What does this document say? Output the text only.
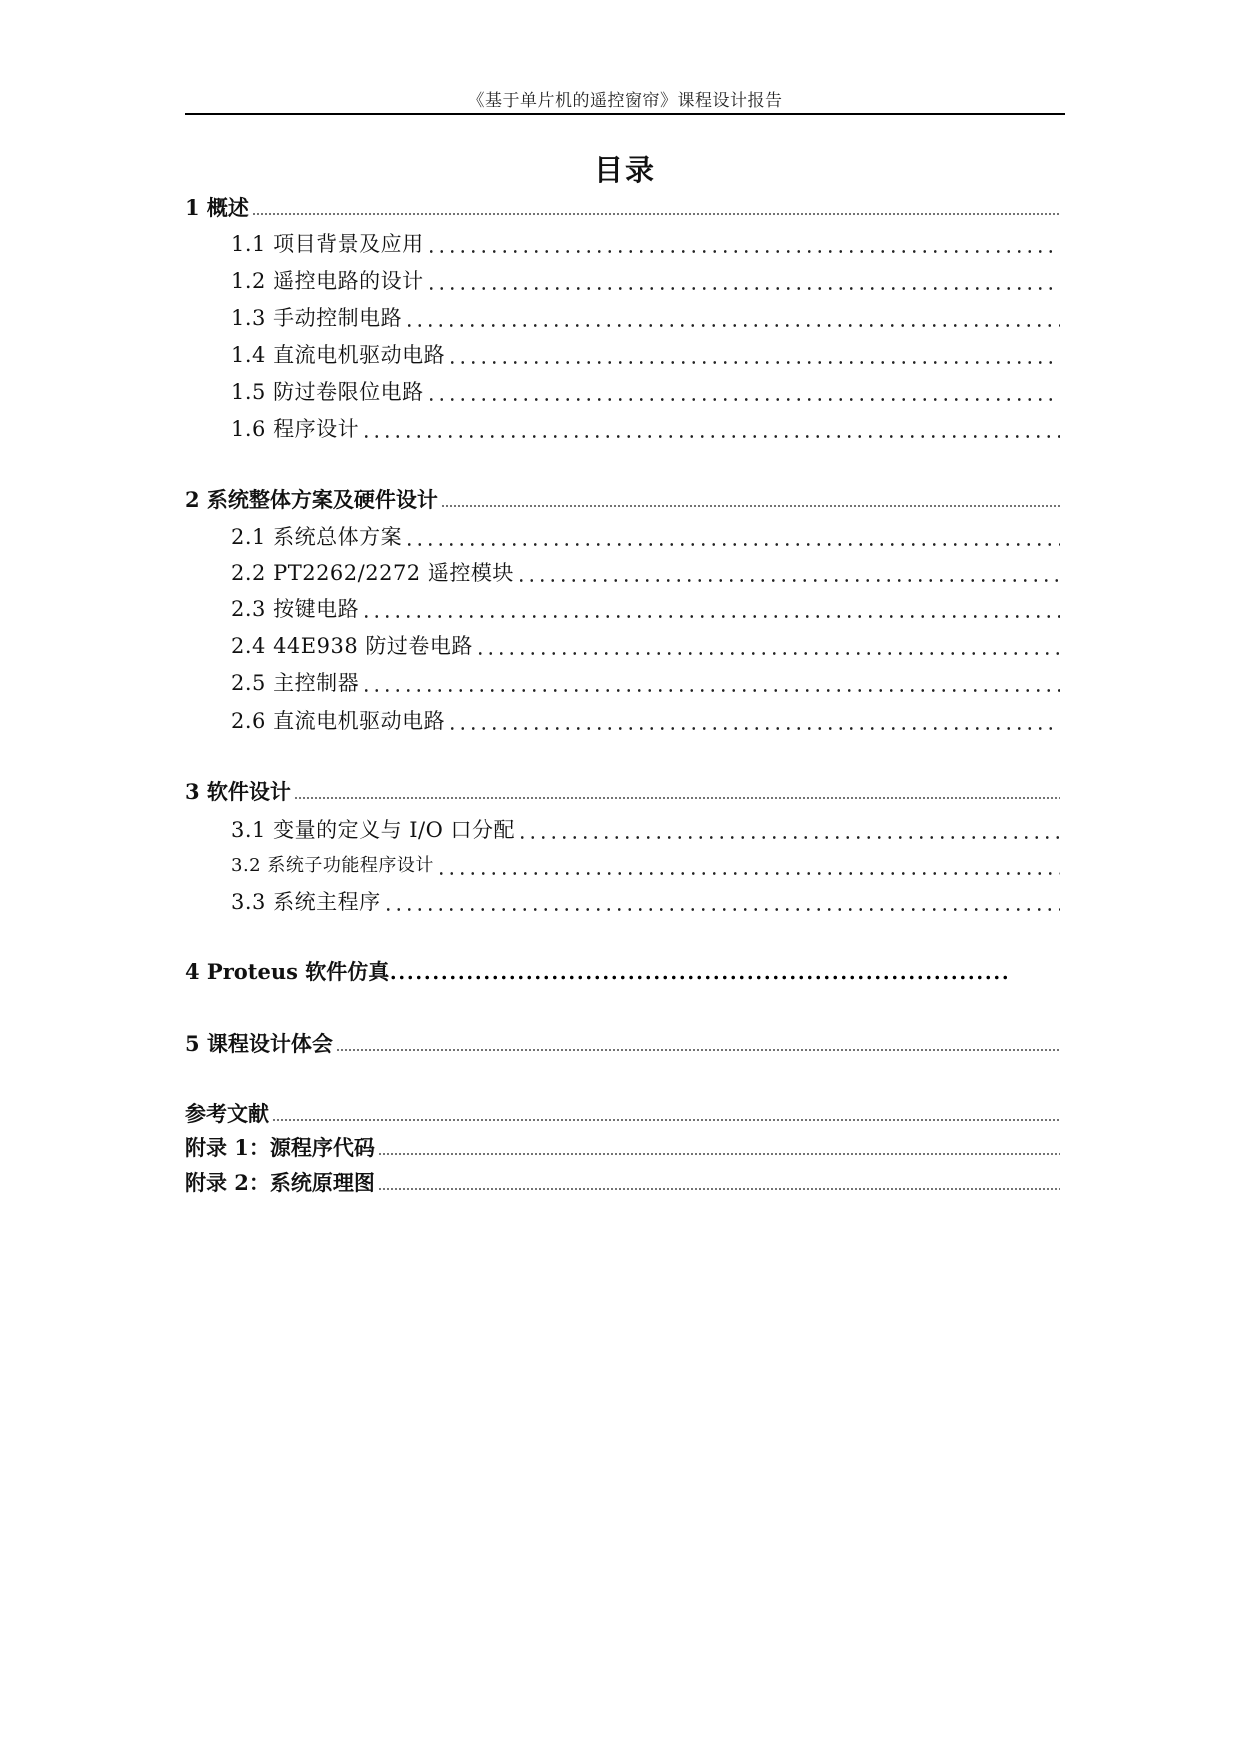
《基于单片机的遥控窗帘》课程设计报告
目录
1 概述
1.1 项目背景及应用
1.2 遥控电路的设计
1.3 手动控制电路
1.4 直流电机驱动电路
1.5 防过卷限位电路
1.6 程序设计
2 系统整体方案及硬件设计
2.1 系统总体方案
2.2 PT2262/2272 遥控模块
2.3 按键电路
2.4 44E938 防过卷电路
2.5 主控制器
2.6 直流电机驱动电路
3 软件设计
3.1 变量的定义与 I/O 口分配
3.2 系统子功能程序设计
3.3 系统主程序
4 Proteus 软件仿真
5 课程设计体会
参考文献
附录 1：源程序代码
附录 2：系统原理图
